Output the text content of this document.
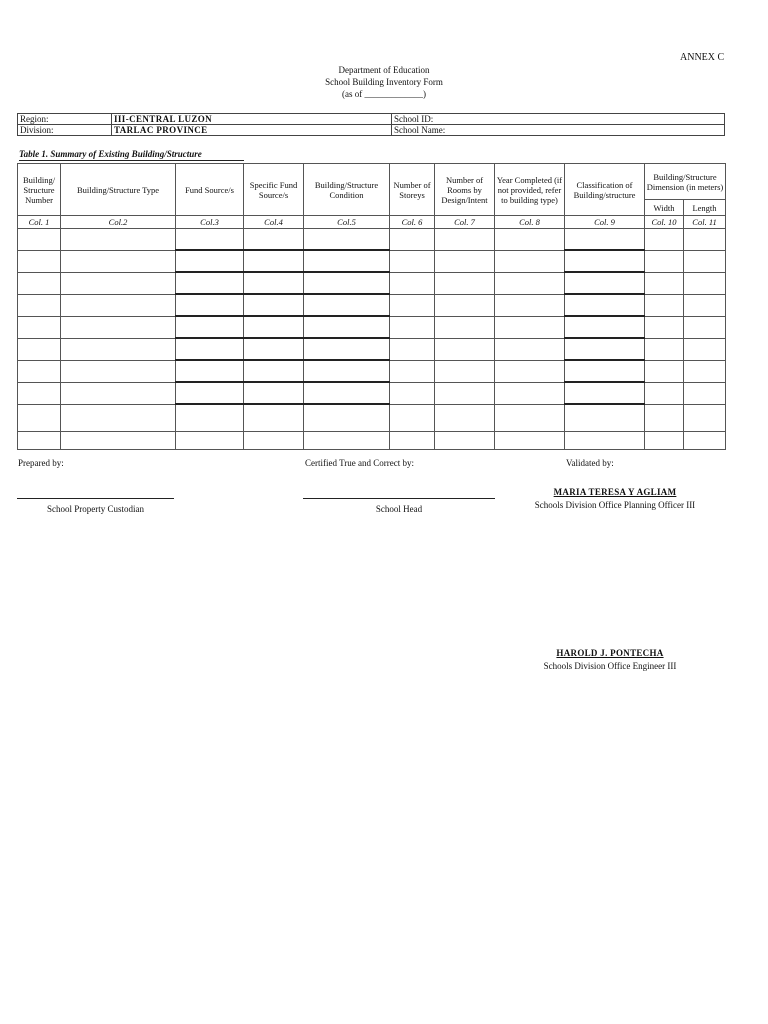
ANNEX C
Department of Education
School Building Inventory Form
(as of _____________)
Region:	III-CENTRAL LUZON	School ID:
Division:	TARLAC PROVINCE	School Name:
Table 1. Summary of Existing Building/Structure
Building/ Structure Number	Building/Structure Type	Fund Source/s	Specific Fund Source/s	Building/Structure Condition	Number of Storeys	Number of Rooms by Design/Intent	Year Completed (if not provided, refer to building type)	Classification of Building/structure	Building/Structure Dimension (in meters)	
									Width	Length
Col. 1	Col.2	Col.3	Col.4	Col.5	Col. 6	Col. 7	Col. 8	Col. 9	Col. 10	Col. 11

Prepared by:	Certified True and Correct by:	Validated by:
School Property Custodian	School Head
MARIA TERESA Y AGLIAM
Schools Division Office Planning Officer III
HAROLD J. PONTECHA
Schools Division Office Engineer III
